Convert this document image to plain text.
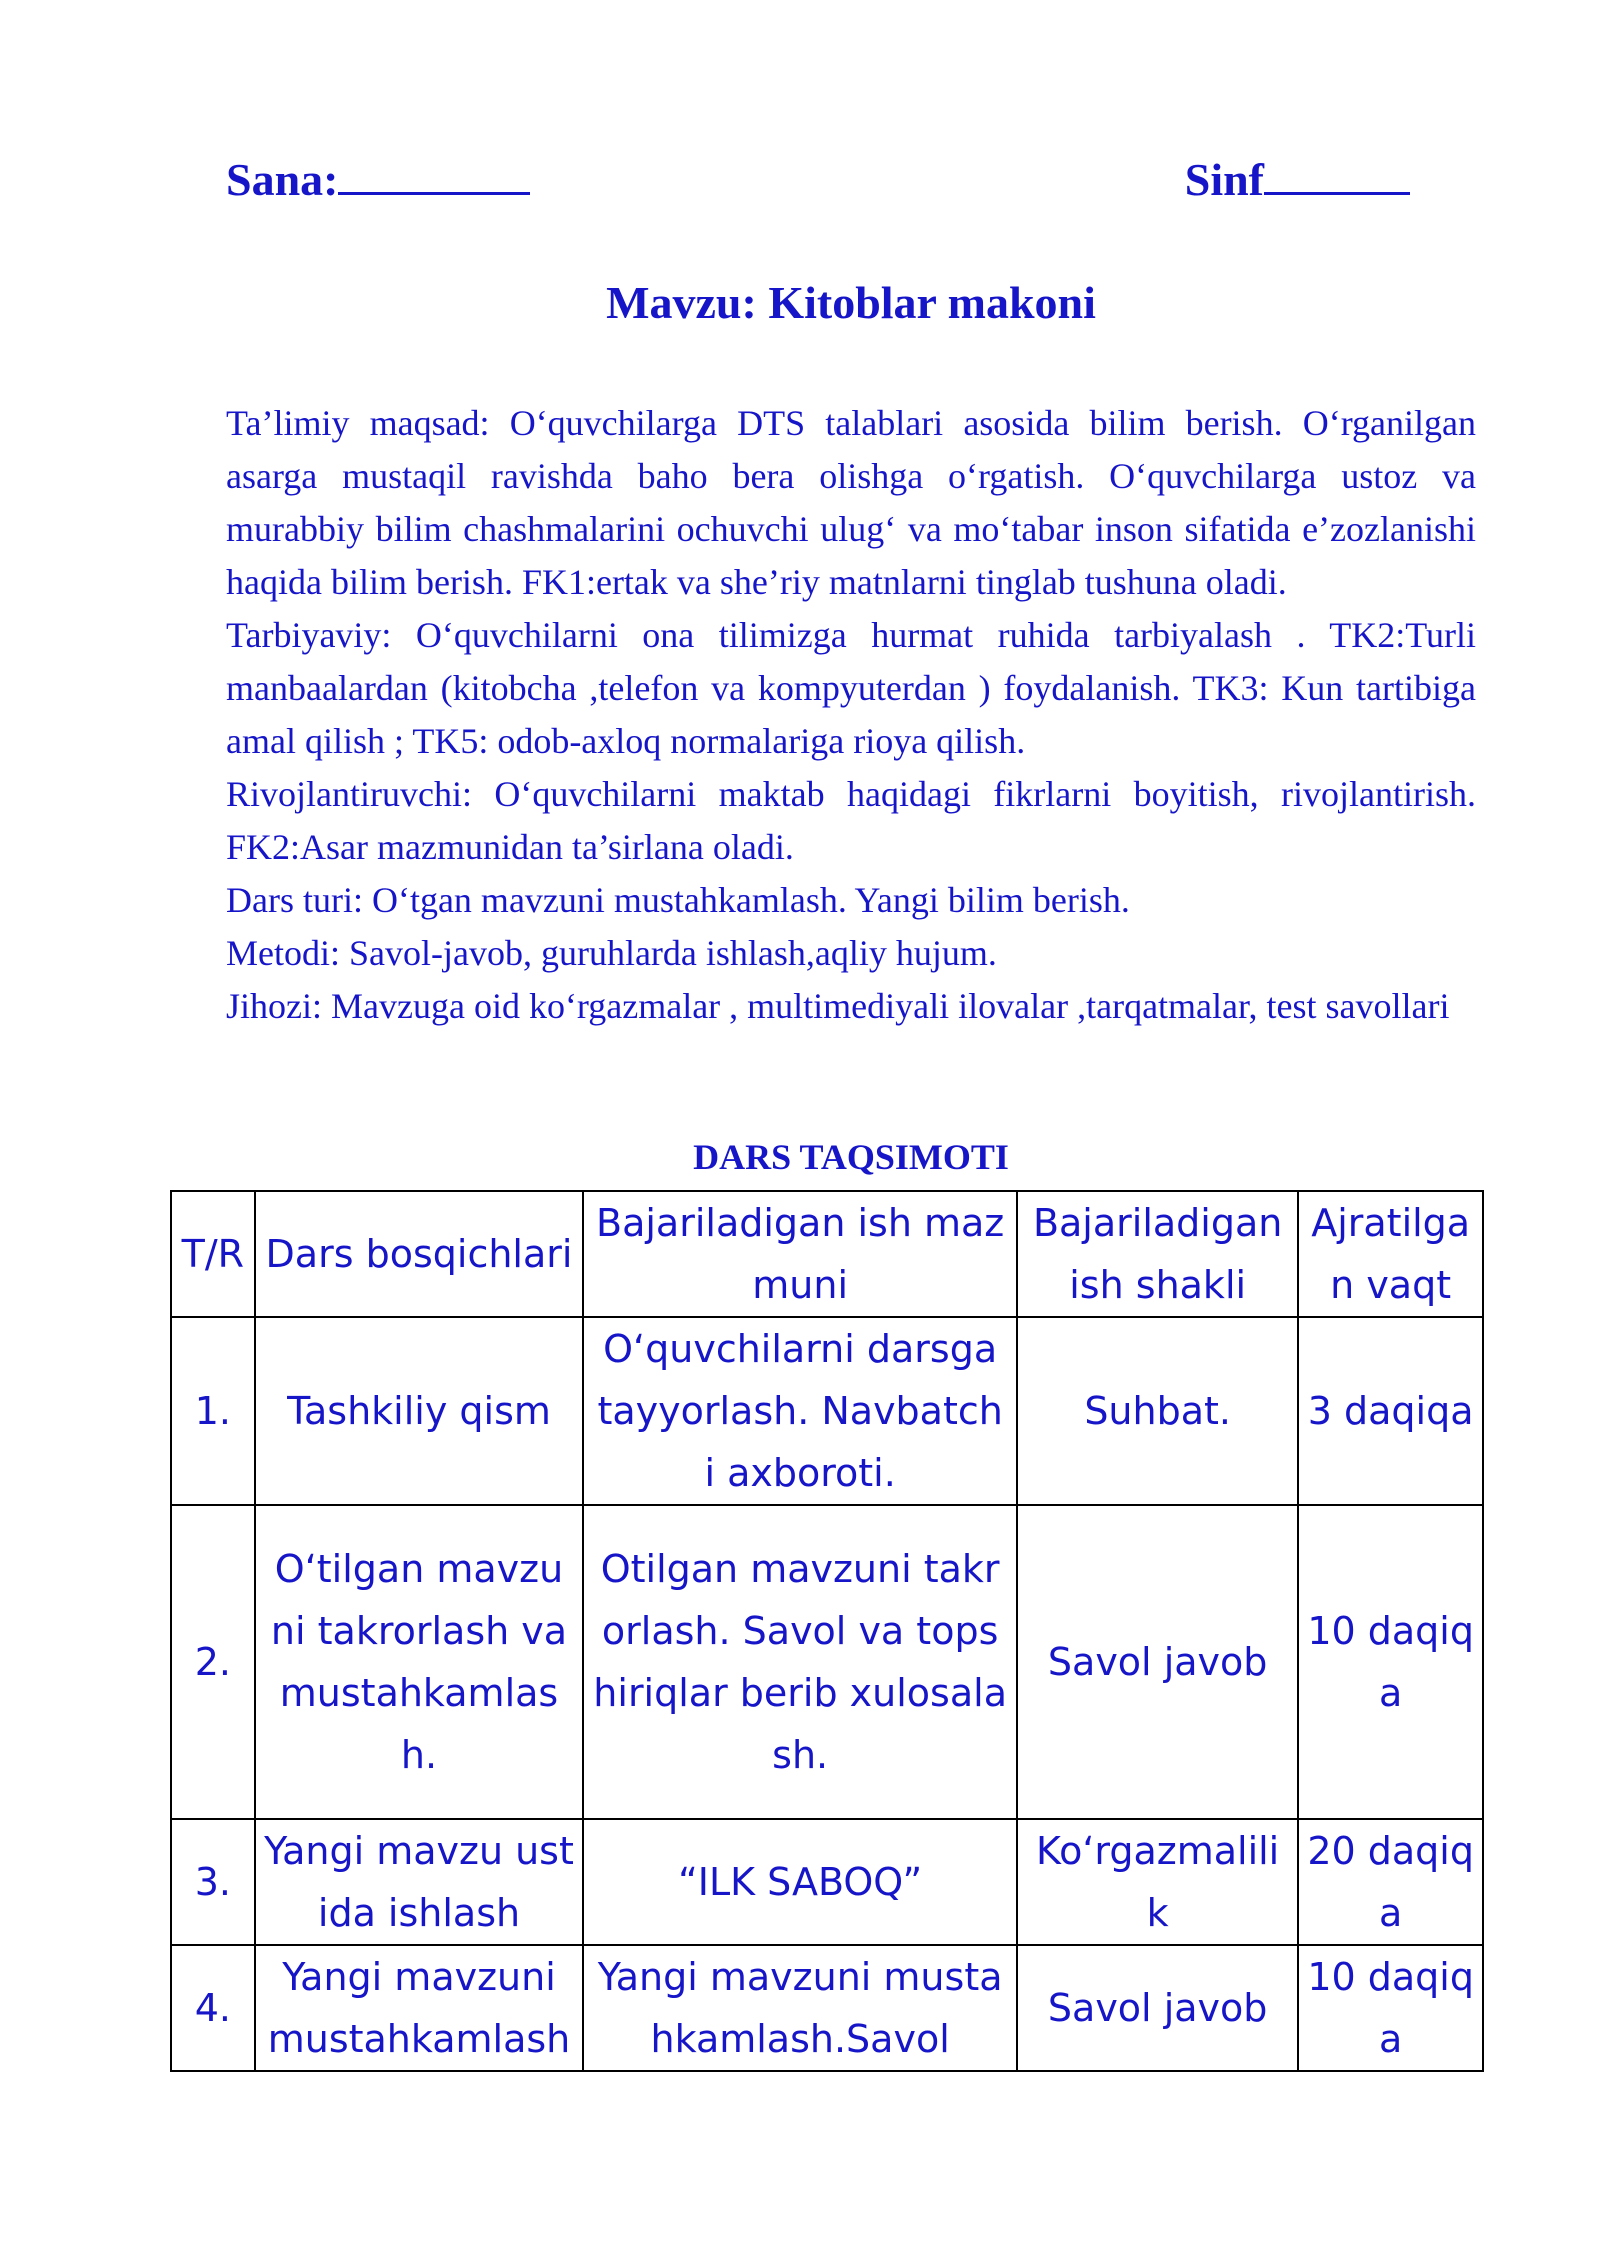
Sana:	Sinf
Mavzu: Kitoblar makoni

Ta’limiy maqsad: O‘quvchilarga DTS talablari asosida bilim berish. O‘rganilgan asarga mustaqil ravishda baho bera olishga o‘rgatish. O‘quvchilarga ustoz va murabbiy bilim chashmalarini ochuvchi ulug‘ va mo‘tabar inson sifatida e’zozlanishi haqida bilim berish. FK1:ertak va she’riy matnlarni tinglab tushuna oladi.

Tarbiyaviy: O‘quvchilarni ona tilimizga hurmat ruhida tarbiyalash . TK2:Turli manbaalardan (kitobcha ,telefon va kompyuterdan ) foydalanish. TK3: Kun tartibiga amal qilish ; TK5: odob-axloq normalariga rioya qilish.

Rivojlantiruvchi: O‘quvchilarni maktab haqidagi fikrlarni boyitish, rivojlantirish. FK2:Asar mazmunidan ta’sirlana oladi.

Dars turi: O‘tgan mavzuni mustahkamlash. Yangi bilim berish.

Metodi: Savol-javob, guruhlarda ishlash,aqliy hujum.

Jihozi: Mavzuga oid ko‘rgazmalar , multimediyali ilovalar ,tarqatmalar, test savollari

DARS TAQSIMOTI
T/R	Dars bosqichlari	Bajariladigan ish mazmuni	Bajariladigan ish shakli	Ajratilgan vaqt
1.	Tashkiliy qism	O‘quvchilarni darsga tayyorlash. Navbatchi axboroti.	Suhbat.	3 daqiqa
2.	O‘tilgan mavzuni takrorlash va mustahkamlash.	Otilgan mavzuni takrorlash. Savol va topshiriqlar berib xulosalash.	Savol javob	10 daqiqa
3.	Yangi mavzu ustida ishlash	“ILK SABOQ”	Ko‘rgazmalilik	20 daqiqa
4.	Yangi mavzuni mustahkamlash	Yangi mavzuni mustahkamlash.Savol	Savol javob	10 daqiqa
